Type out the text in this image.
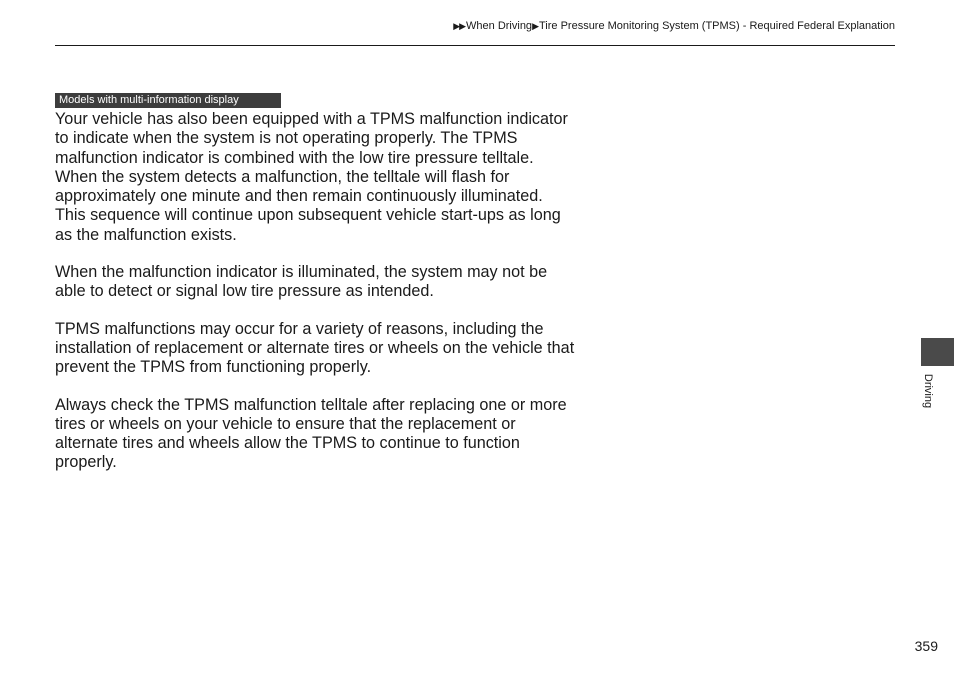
▶▶When Driving▶Tire Pressure Monitoring System (TPMS) - Required Federal Explanation
Models with multi-information display

Your vehicle has also been equipped with a TPMS malfunction indicator to indicate when the system is not operating properly. The TPMS malfunction indicator is combined with the low tire pressure telltale. When the system detects a malfunction, the telltale will flash for approximately one minute and then remain continuously illuminated. This sequence will continue upon subsequent vehicle start-ups as long as the malfunction exists.

When the malfunction indicator is illuminated, the system may not be able to detect or signal low tire pressure as intended.

TPMS malfunctions may occur for a variety of reasons, including the installation of replacement or alternate tires or wheels on the vehicle that prevent the TPMS from functioning properly.

Always check the TPMS malfunction telltale after replacing one or more tires or wheels on your vehicle to ensure that the replacement or alternate tires and wheels allow the TPMS to continue to function properly.

Driving
359
